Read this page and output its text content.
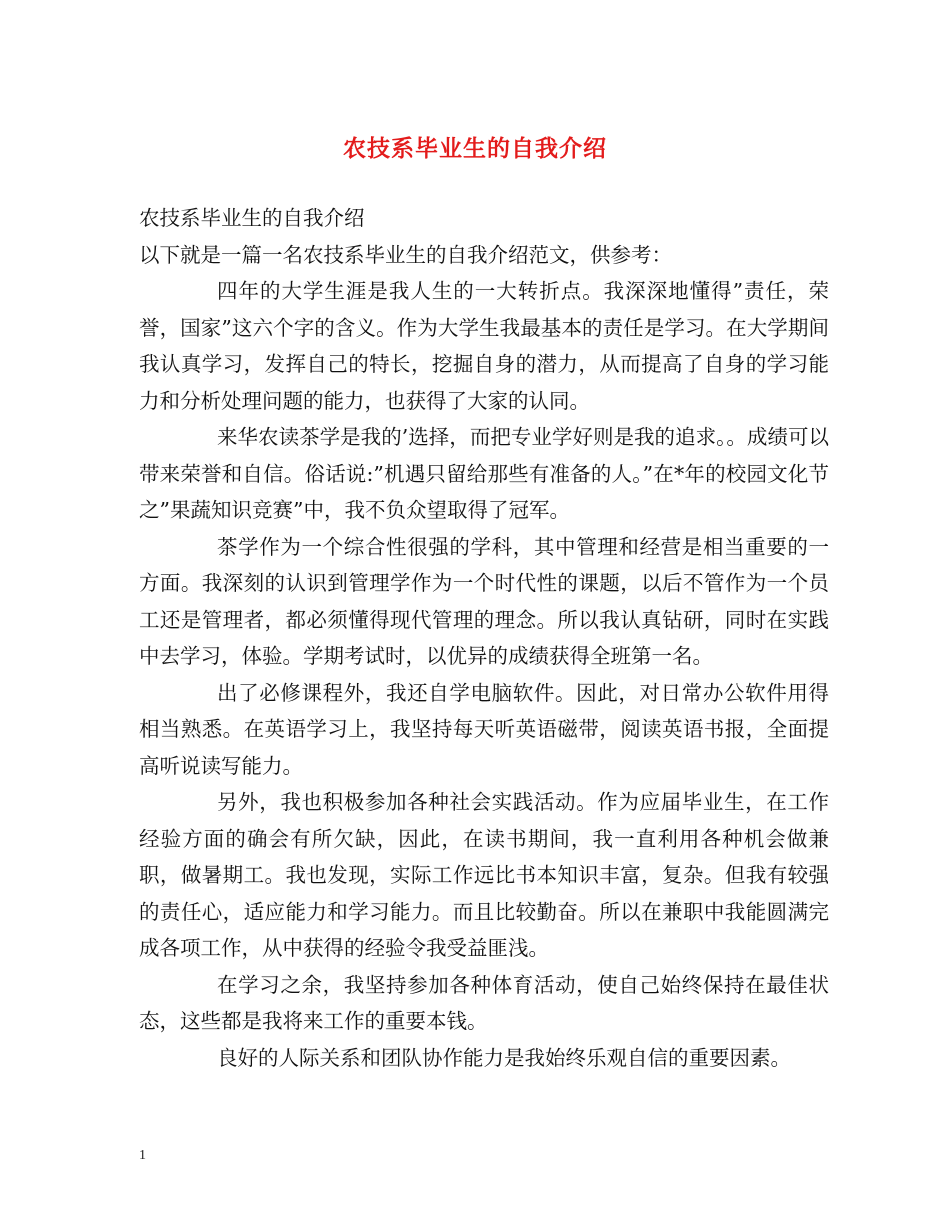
农技系毕业生的自我介绍

农技系毕业生的自我介绍

以下就是一篇一名农技系毕业生的自我介绍范文，供参考：

四年的大学生涯是我人生的一大转折点。我深深地懂得”责任，荣誉，国家”这六个字的含义。作为大学生我最基本的责任是学习。在大学期间我认真学习，发挥自己的特长，挖掘自身的潜力，从而提高了自身的学习能力和分析处理问题的能力，也获得了大家的认同。

来华农读茶学是我的’选择，而把专业学好则是我的追求。。成绩可以带来荣誉和自信。俗话说:”机遇只留给那些有准备的人。”在*年的校园文化节之”果蔬知识竞赛”中，我不负众望取得了冠军。

茶学作为一个综合性很强的学科，其中管理和经营是相当重要的一方面。我深刻的认识到管理学作为一个时代性的课题，以后不管作为一个员工还是管理者，都必须懂得现代管理的理念。所以我认真钻研，同时在实践中去学习，体验。学期考试时，以优异的成绩获得全班第一名。

出了必修课程外，我还自学电脑软件。因此，对日常办公软件用得相当熟悉。在英语学习上，我坚持每天听英语磁带，阅读英语书报，全面提高听说读写能力。

另外，我也积极参加各种社会实践活动。作为应届毕业生，在工作经验方面的确会有所欠缺，因此，在读书期间，我一直利用各种机会做兼职，做暑期工。我也发现，实际工作远比书本知识丰富，复杂。但我有较强的责任心，适应能力和学习能力。而且比较勤奋。所以在兼职中我能圆满完成各项工作，从中获得的经验令我受益匪浅。

在学习之余，我坚持参加各种体育活动，使自己始终保持在最佳状态，这些都是我将来工作的重要本钱。

良好的人际关系和团队协作能力是我始终乐观自信的重要因素。

1
